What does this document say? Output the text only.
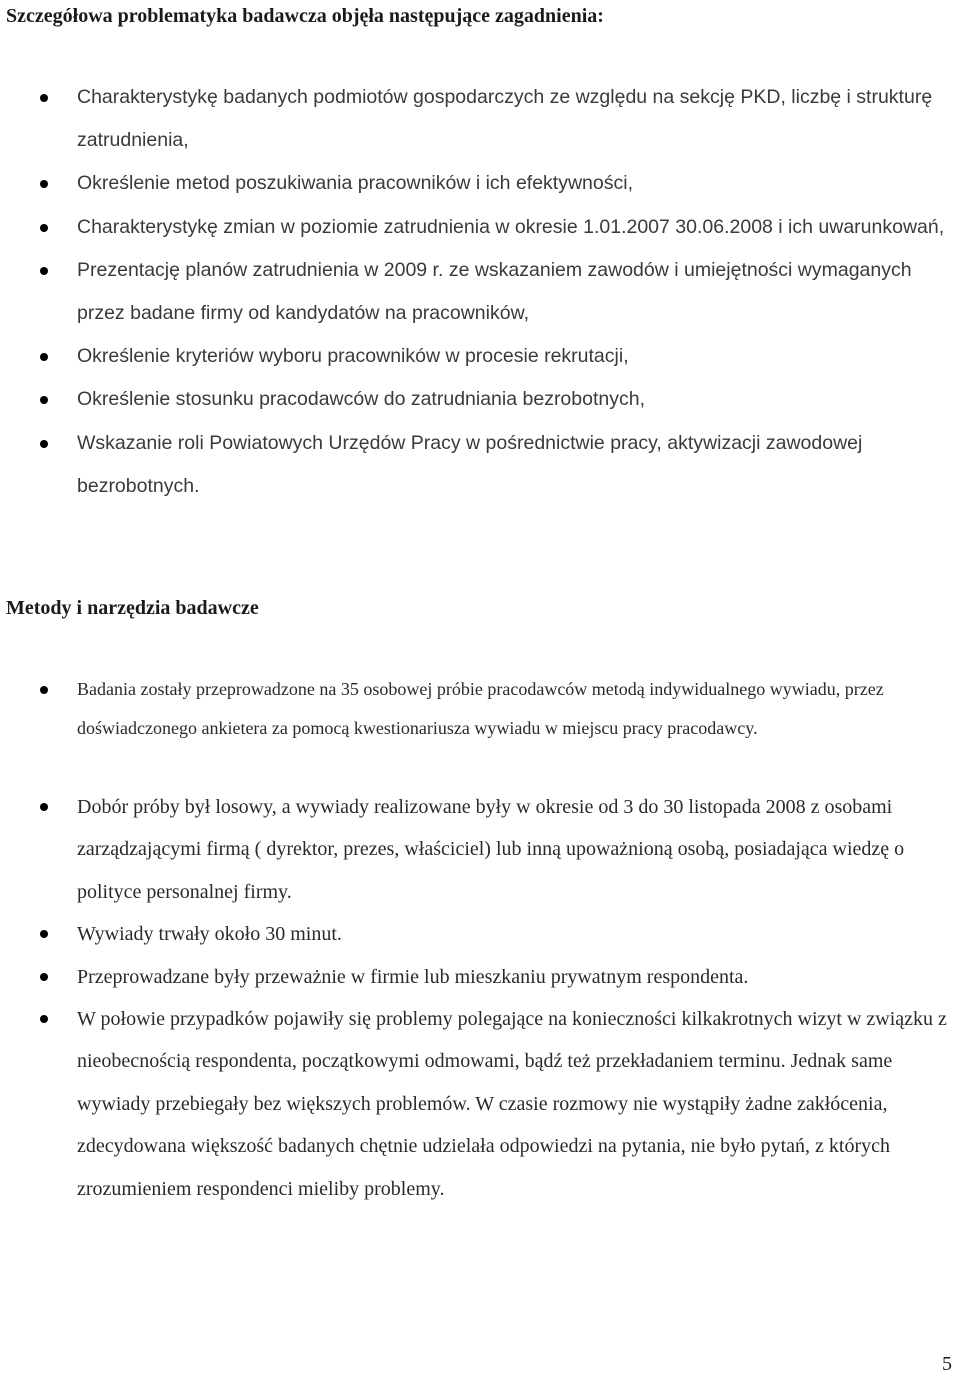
Szczegółowa problematyka badawcza objęła następujące zagadnienia:
Charakterystykę badanych podmiotów gospodarczych ze względu na sekcję PKD, liczbę i strukturę zatrudnienia,
Określenie metod poszukiwania pracowników i ich efektywności,
Charakterystykę zmian w poziomie zatrudnienia w okresie 1.01.2007 30.06.2008 i ich uwarunkowań,
Prezentację planów zatrudnienia w 2009 r. ze wskazaniem zawodów i umiejętności wymaganych przez badane firmy od kandydatów na pracowników,
Określenie kryteriów wyboru pracowników w procesie rekrutacji,
Określenie stosunku pracodawców do zatrudniania bezrobotnych,
Wskazanie roli Powiatowych Urzędów Pracy w pośrednictwie pracy, aktywizacji zawodowej bezrobotnych.
Metody i narzędzia badawcze
Badania zostały przeprowadzone na 35 osobowej próbie pracodawców metodą indywidualnego wywiadu, przez doświadczonego ankietera za pomocą kwestionariusza wywiadu w miejscu pracy pracodawcy.
Dobór próby był losowy, a wywiady realizowane były w okresie od 3 do 30 listopada 2008 z osobami zarządzającymi firmą ( dyrektor, prezes, właściciel) lub inną upoważnioną osobą, posiadająca wiedzę o polityce personalnej firmy.
Wywiady trwały około 30 minut.
Przeprowadzane były przeważnie w firmie lub mieszkaniu prywatnym respondenta.
W połowie przypadków pojawiły się problemy polegające na konieczności kilkakrotnych wizyt w związku z nieobecnością respondenta, początkowymi odmowami, bądź też przekładaniem terminu. Jednak same wywiady przebiegały bez większych problemów. W czasie rozmowy nie wystąpiły żadne zakłócenia, zdecydowana większość badanych chętnie udzielała odpowiedzi na pytania, nie było pytań, z których zrozumieniem respondenci mieliby problemy.
5
